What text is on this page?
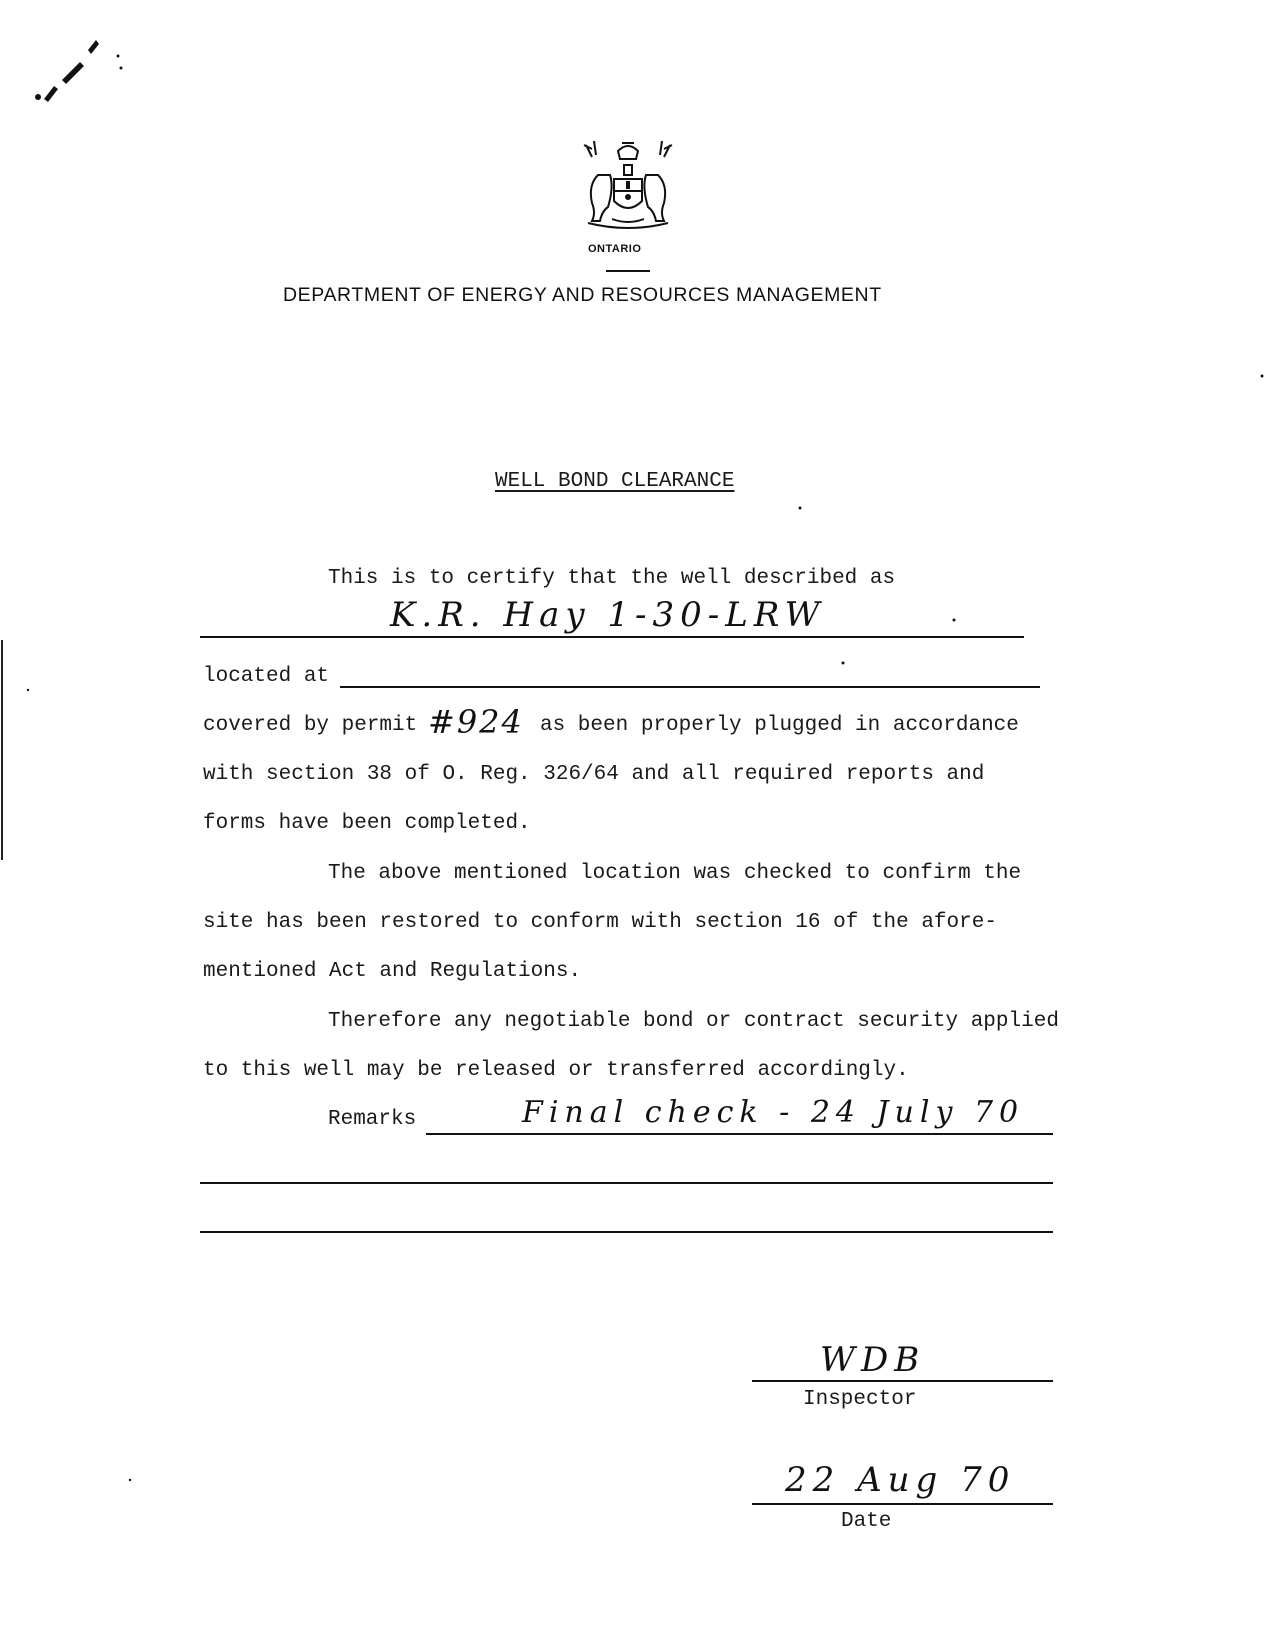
ONTARIO
DEPARTMENT OF ENERGY AND RESOURCES MANAGEMENT
WELL BOND CLEARANCE
This is to certify that the well described as
K.R. Hay 1-30-LRW
located at
covered by permit #924 as been properly plugged in accordance
with section 38 of O. Reg. 326/64 and all required reports and
forms have been completed.
The above mentioned location was checked to confirm the
site has been restored to conform with section 16 of the afore-
mentioned Act and Regulations.
Therefore any negotiable bond or contract security applied
to this well may be released or transferred accordingly.
Remarks	Final check - 24 July 70
WDB
Inspector
22 Aug 70
Date
